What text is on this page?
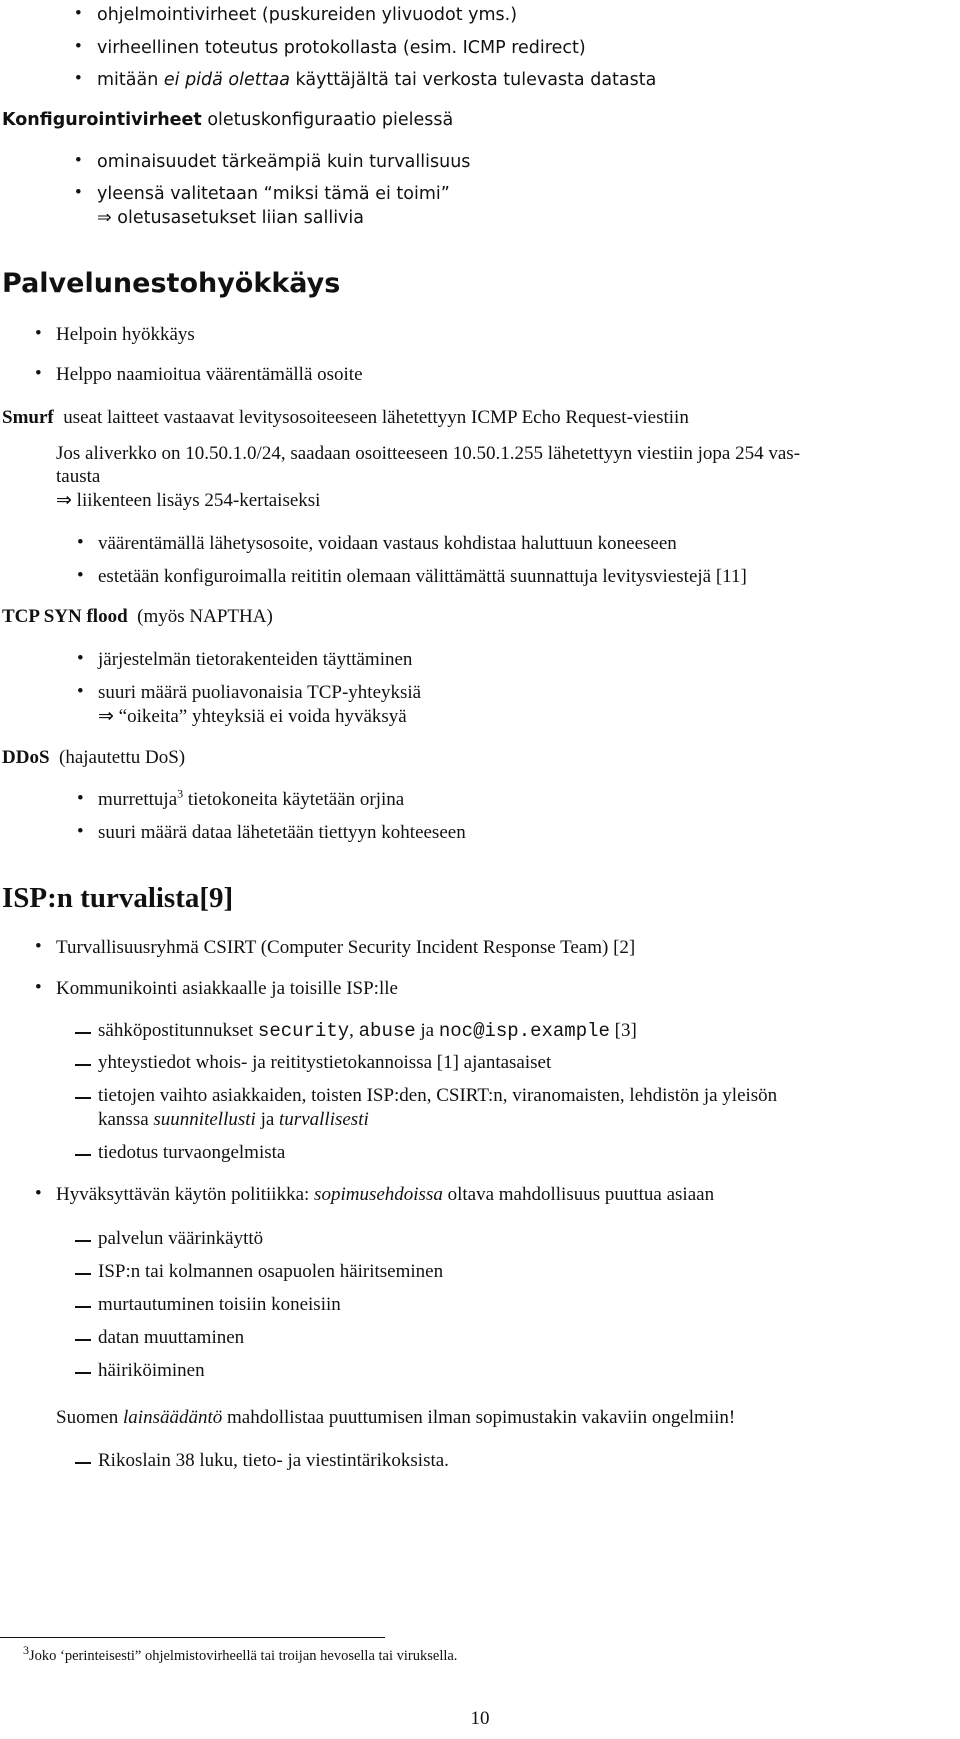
• ohjelmointivirheet (puskureiden ylivuodot yms.)
• virheellinen toteutus protokollasta (esim. ICMP redirect)
• mitään ei pidä olettaa käyttäjältä tai verkosta tulevasta datasta
Konfigurointivirheet oletuskonfiguraatio pielessä
• ominaisuudet tärkeämpiä kuin turvallisuus
• yleensä valitetaan “miksi tämä ei toimi”
⇒ oletusasetukset liian sallivia
Palvelunestohyökkäys
• Helpoin hyökkäys
• Helppo naamioitua väärentämällä osoite
Smurf useat laitteet vastaavat levitysosoiteeseen lähetettyyn ICMP Echo Request-viestiin
Jos aliverkko on 10.50.1.0/24, saadaan osoitteeseen 10.50.1.255 lähetettyyn viestiin jopa 254 vas-
tausta
⇒ liikenteen lisäys 254-kertaiseksi
• väärentämällä lähetysosoite, voidaan vastaus kohdistaa haluttuun koneeseen
• estetään konfiguroimalla reititin olemaan välittämättä suunnattuja levitysviestejä [11]
TCP SYN flood (myös NAPTHA)
• järjestelmän tietorakenteiden täyttäminen
• suuri määrä puoliavonaisia TCP-yhteyksiä
⇒ “oikeita” yhteyksiä ei voida hyväksyä
DDoS (hajautettu DoS)
• murrettuja$^3$ tietokoneita käytetään orjina
• suuri määrä dataa lähetetään tiettyyn kohteeseen
ISP:n turvalista[9]
• Turvallisuusryhmä CSIRT (Computer Security Incident Response Team) [2]
• Kommunikointi asiakkaalle ja toisille ISP:lle
sähköpostitunnukset security, abuse ja noc@isp.example [3]
yhteystiedot whois- ja reititystietokannoissa [1] ajantasaiset
tietojen vaihto asiakkaiden, toisten ISP:den, CSIRT:n, viranomaisten, lehdistön ja yleisön
kanssa suunnitellusti ja turvallisesti
tiedotus turvaongelmista
• Hyväksyttävän käytön politiikka: sopimusehdoissa oltava mahdollisuus puuttua asiaan
palvelun väärinkäyttö
ISP:n tai kolmannen osapuolen häiritseminen
murtautuminen toisiin koneisiin
datan muuttaminen
häiriköiminen
Suomen lainsäädäntö mahdollistaa puuttumisen ilman sopimustakin vakaviin ongelmiin!
Rikoslain 38 luku, tieto- ja viestintärikoksista.
$^3$Joko ‘perinteisesti” ohjelmistovirheellä tai troijan hevosella tai viruksella.
10
